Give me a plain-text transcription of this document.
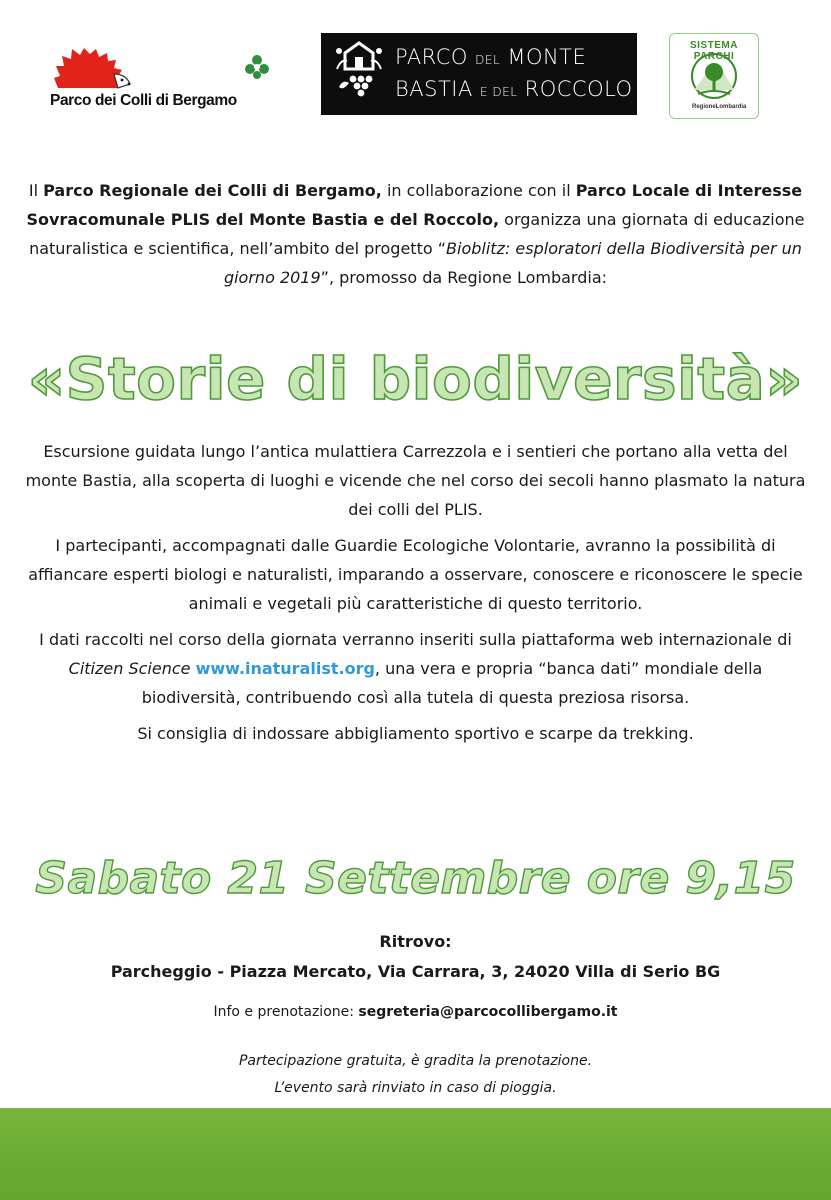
Parco dei Colli di Bergamo
PARCO DEL MONTE
BASTIA E DEL ROCCOLO
SISTEMA PARCHI
RegioneLombardia
Il Parco Regionale dei Colli di Bergamo, in collaborazione con il Parco Locale di Interesse Sovracomunale PLIS del Monte Bastia e del Roccolo, organizza una giornata di educazione naturalistica e scientifica, nell’ambito del progetto “Bioblitz: esploratori della Biodiversità per un giorno 2019”, promosso da Regione Lombardia:
«Storie di biodiversità»

Escursione guidata lungo l’antica mulattiera Carrezzola e i sentieri che portano alla vetta del monte Bastia, alla scoperta di luoghi e vicende che nel corso dei secoli hanno plasmato la natura dei colli del PLIS.

I partecipanti, accompagnati dalle Guardie Ecologiche Volontarie, avranno la possibilità di affiancare esperti biologi e naturalisti, imparando a osservare, conoscere e riconoscere le specie animali e vegetali più caratteristiche di questo territorio.

I dati raccolti nel corso della giornata verranno inseriti sulla piattaforma web internazionale di Citizen Science www.inaturalist.org, una vera e propria “banca dati” mondiale della biodiversità, contribuendo così alla tutela di questa preziosa risorsa.

Si consiglia di indossare abbigliamento sportivo e scarpe da trekking.

Sabato 21 Settembre ore 9,15
Ritrovo:
Parcheggio - Piazza Mercato, Via Carrara, 3, 24020 Villa di Serio BG
Info e prenotazione: segreteria@parcocollibergamo.it
Partecipazione gratuita, è gradita la prenotazione.
L’evento sarà rinviato in caso di pioggia.
